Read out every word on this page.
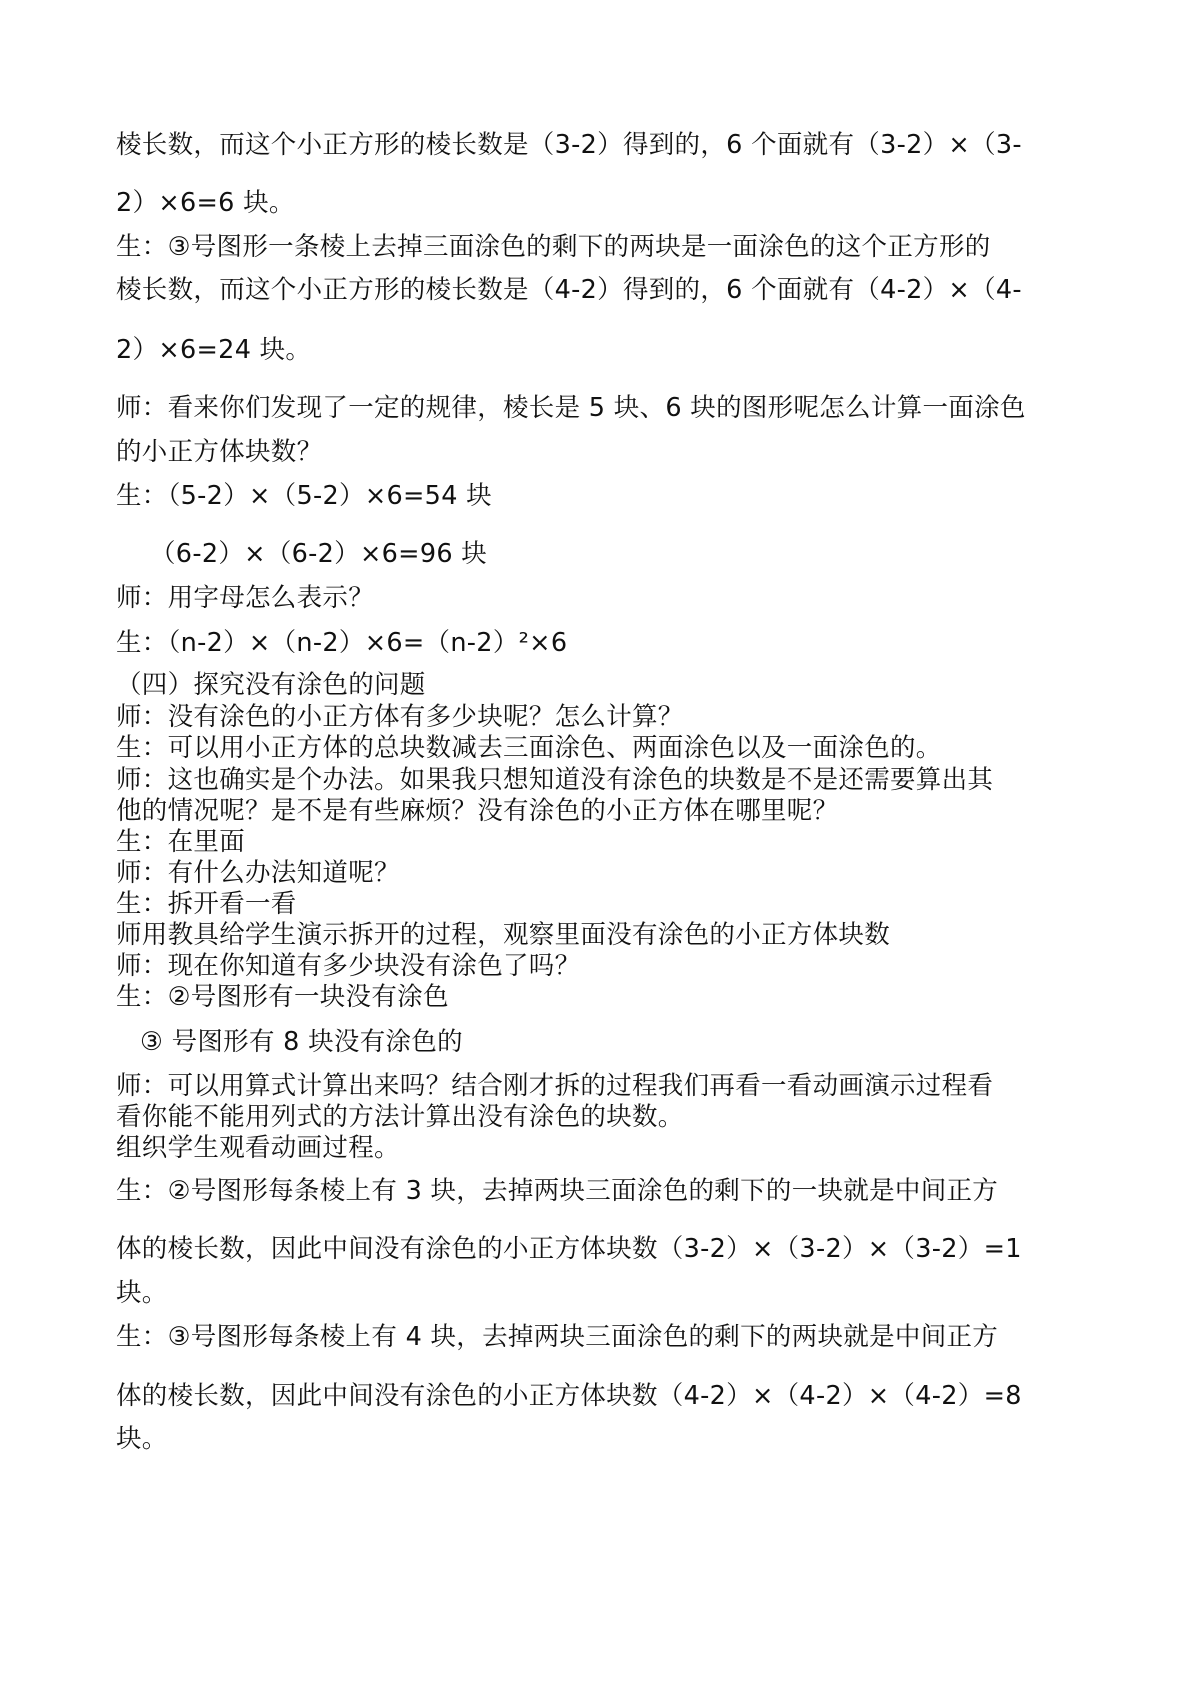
棱长数，而这个小正方形的棱长数是（3-2）得到的，6 个面就有（3-2）×（3-
2）×6=6 块。
生：③号图形一条棱上去掉三面涂色的剩下的两块是一面涂色的这个正方形的
棱长数，而这个小正方形的棱长数是（4-2）得到的，6 个面就有（4-2）×（4-
2）×6=24 块。
师：看来你们发现了一定的规律，棱长是 5 块、6 块的图形呢怎么计算一面涂色
的小正方体块数？
生：（5-2）×（5-2）×6=54 块
（6-2）×（6-2）×6=96 块
师：用字母怎么表示？
生：（n-2）×（n-2）×6=（n-2）²×6
（四）探究没有涂色的问题
师：没有涂色的小正方体有多少块呢？怎么计算？
生：可以用小正方体的总块数减去三面涂色、两面涂色以及一面涂色的。
师：这也确实是个办法。如果我只想知道没有涂色的块数是不是还需要算出其
他的情况呢？是不是有些麻烦？没有涂色的小正方体在哪里呢？
生：在里面
师：有什么办法知道呢？
生：拆开看一看
师用教具给学生演示拆开的过程，观察里面没有涂色的小正方体块数
师：现在你知道有多少块没有涂色了吗？
生：②号图形有一块没有涂色
③ 号图形有 8 块没有涂色的
师：可以用算式计算出来吗？结合刚才拆的过程我们再看一看动画演示过程看
看你能不能用列式的方法计算出没有涂色的块数。
组织学生观看动画过程。
生：②号图形每条棱上有 3 块，去掉两块三面涂色的剩下的一块就是中间正方
体的棱长数，因此中间没有涂色的小正方体块数（3-2）×（3-2）×（3-2）=1
块。
生：③号图形每条棱上有 4 块，去掉两块三面涂色的剩下的两块就是中间正方
体的棱长数，因此中间没有涂色的小正方体块数（4-2）×（4-2）×（4-2）=8
块。
